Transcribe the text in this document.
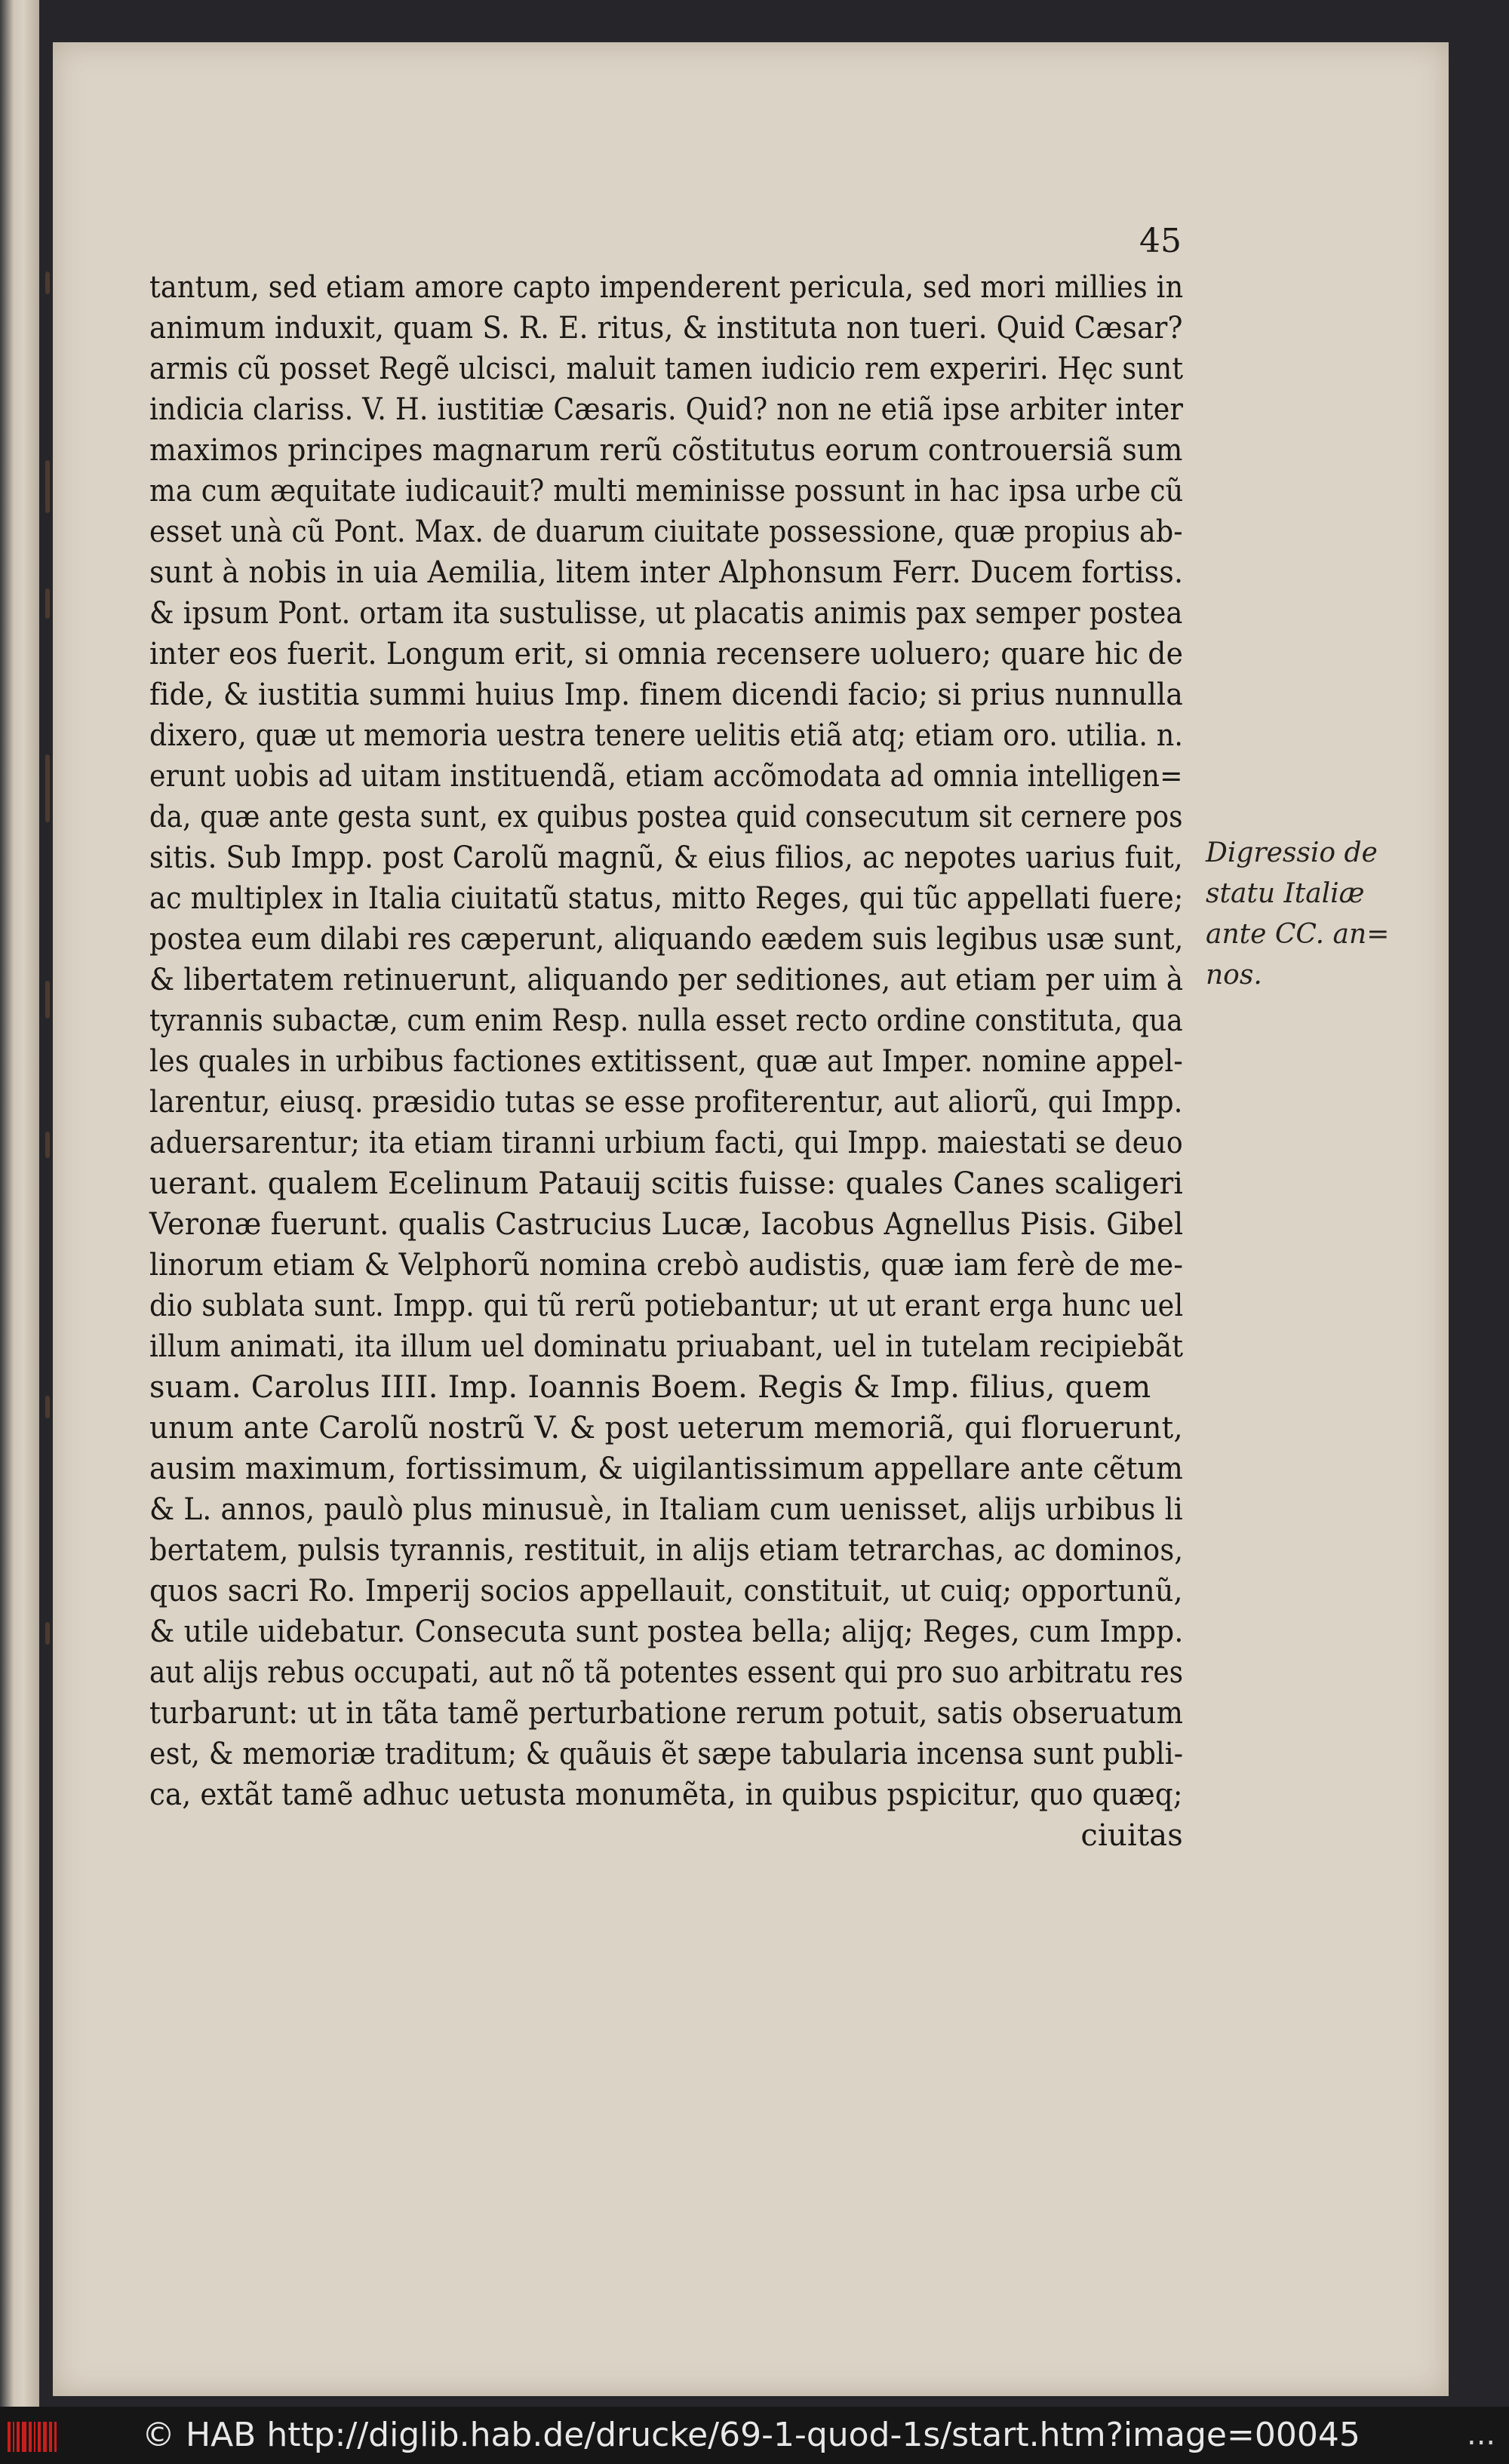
45
tantum, sed etiam amore capto impenderent pericula, sed mori millies in
animum induxit, quam S. R. E. ritus, & instituta non tueri. Quid Cæsar?
armis cũ posset Regẽ ulcisci, maluit tamen iudicio rem experiri. Hęc sunt
indicia clariss. V. H. iustitiæ Cæsaris. Quid? non ne etiã ipse arbiter inter
maximos principes magnarum rerũ cõstitutus eorum controuersiã sum
ma cum æquitate iudicauit? multi meminisse possunt in hac ipsa urbe cũ
esset unà cũ Pont. Max. de duarum ciuitate possessione, quæ propius ab-
sunt à nobis in uia Aemilia, litem inter Alphonsum Ferr. Ducem fortiss.
& ipsum Pont. ortam ita sustulisse, ut placatis animis pax semper postea
inter eos fuerit. Longum erit, si omnia recensere uoluero; quare hic de
fide, & iustitia summi huius Imp. finem dicendi facio; si prius nunnulla
dixero, quæ ut memoria uestra tenere uelitis etiã atq; etiam oro. utilia. n.
erunt uobis ad uitam instituendã, etiam accõmodata ad omnia intelligen=
da, quæ ante gesta sunt, ex quibus postea quid consecutum sit cernere pos
sitis. Sub Impp. post Carolũ magnũ, & eius filios, ac nepotes uarius fuit,
ac multiplex in Italia ciuitatũ status, mitto Reges, qui tũc appellati fuere;
postea eum dilabi res cæperunt, aliquando eædem suis legibus usæ sunt,
& libertatem retinuerunt, aliquando per seditiones, aut etiam per uim à
tyrannis subactæ, cum enim Resp. nulla esset recto ordine constituta, qua
les quales in urbibus factiones extitissent, quæ aut Imper. nomine appel-
larentur, eiusq. præsidio tutas se esse profiterentur, aut aliorũ, qui Impp.
aduersarentur; ita etiam tiranni urbium facti, qui Impp. maiestati se deuo
uerant. qualem Ecelinum Patauij scitis fuisse: quales Canes scaligeri
Veronæ fuerunt. qualis Castrucius Lucæ, Iacobus Agnellus Pisis. Gibel
linorum etiam & Velphorũ nomina crebò audistis, quæ iam ferè de me-
dio sublata sunt. Impp. qui tũ rerũ potiebantur; ut ut erant erga hunc uel
illum animati, ita illum uel dominatu priuabant, uel in tutelam recipiebãt
suam. Carolus IIII. Imp. Ioannis Boem. Regis & Imp. filius, quem
unum ante Carolũ nostrũ V. & post ueterum memoriã, qui floruerunt,
ausim maximum, fortissimum, & uigilantissimum appellare ante cẽtum
& L. annos, paulò plus minusuè, in Italiam cum uenisset, alijs urbibus li
bertatem, pulsis tyrannis, restituit, in alijs etiam tetrarchas, ac dominos,
quos sacri Ro. Imperij socios appellauit, constituit, ut cuiq; opportunũ,
& utile uidebatur. Consecuta sunt postea bella; alijq; Reges, cum Impp.
aut alijs rebus occupati, aut nõ tã potentes essent qui pro suo arbitratu res
turbarunt: ut in tãta tamẽ perturbatione rerum potuit, satis obseruatum
est, & memoriæ traditum; & quãuis ẽt sæpe tabularia incensa sunt publi-
ca, extãt tamẽ adhuc uetusta monumẽta, in quibus pspicitur, quo quæq;
ciuitas
Digressio de
statu Italiæ
ante CC. an=
nos.
© HAB http://diglib.hab.de/drucke/69-1-quod-1s/start.htm?image=00045	...
